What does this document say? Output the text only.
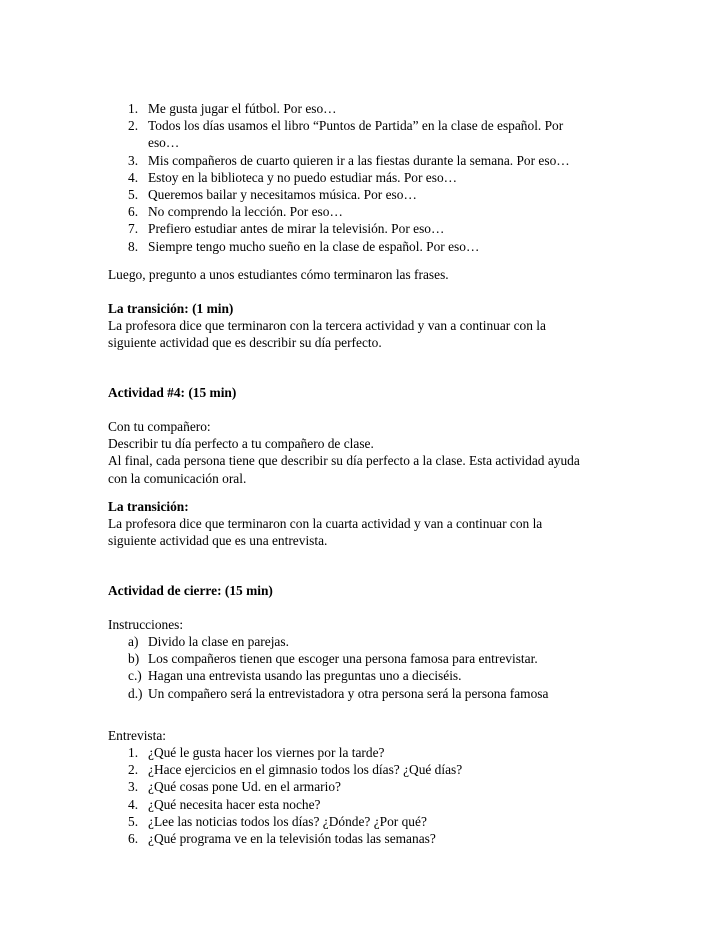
1. Me gusta jugar el fútbol. Por eso…
2. Todos los días usamos el libro “Puntos de Partida” en la clase de español. Por
eso…
3. Mis compañeros de cuarto quieren ir a las fiestas durante la semana. Por eso…
4. Estoy en la biblioteca y no puedo estudiar más. Por eso…
5. Queremos bailar y necesitamos música. Por eso…
6. No comprendo la lección. Por eso…
7. Prefiero estudiar antes de mirar la televisión. Por eso…
8. Siempre tengo mucho sueño en la clase de español. Por eso…

Luego, pregunto a unos estudiantes cómo terminaron las frases.

La transición: (1 min)

La profesora dice que terminaron con la tercera actividad y van a continuar con la

siguiente actividad que es describir su día perfecto.

Actividad #4: (15 min)

Con tu compañero:

Describir tu día perfecto a tu compañero de clase.

Al final, cada persona tiene que describir su día perfecto a la clase. Esta actividad ayuda

con la comunicación oral.

La transición:

La profesora dice que terminaron con la cuarta actividad y van a continuar con la

siguiente actividad que es una entrevista.

Actividad de cierre: (15 min)

Instrucciones:

a) Divido la clase en parejas.
b) Los compañeros tienen que escoger una persona famosa para entrevistar.
c.) Hagan una entrevista usando las preguntas uno a dieciséis.
d.) Un compañero será la entrevistadora y otra persona será la persona famosa

Entrevista:

1. ¿Qué le gusta hacer los viernes por la tarde?
2. ¿Hace ejercicios en el gimnasio todos los días? ¿Qué días?
3. ¿Qué cosas pone Ud. en el armario?
4. ¿Qué necesita hacer esta noche?
5. ¿Lee las noticias todos los días? ¿Dónde? ¿Por qué?
6. ¿Qué programa ve en la televisión todas las semanas?
